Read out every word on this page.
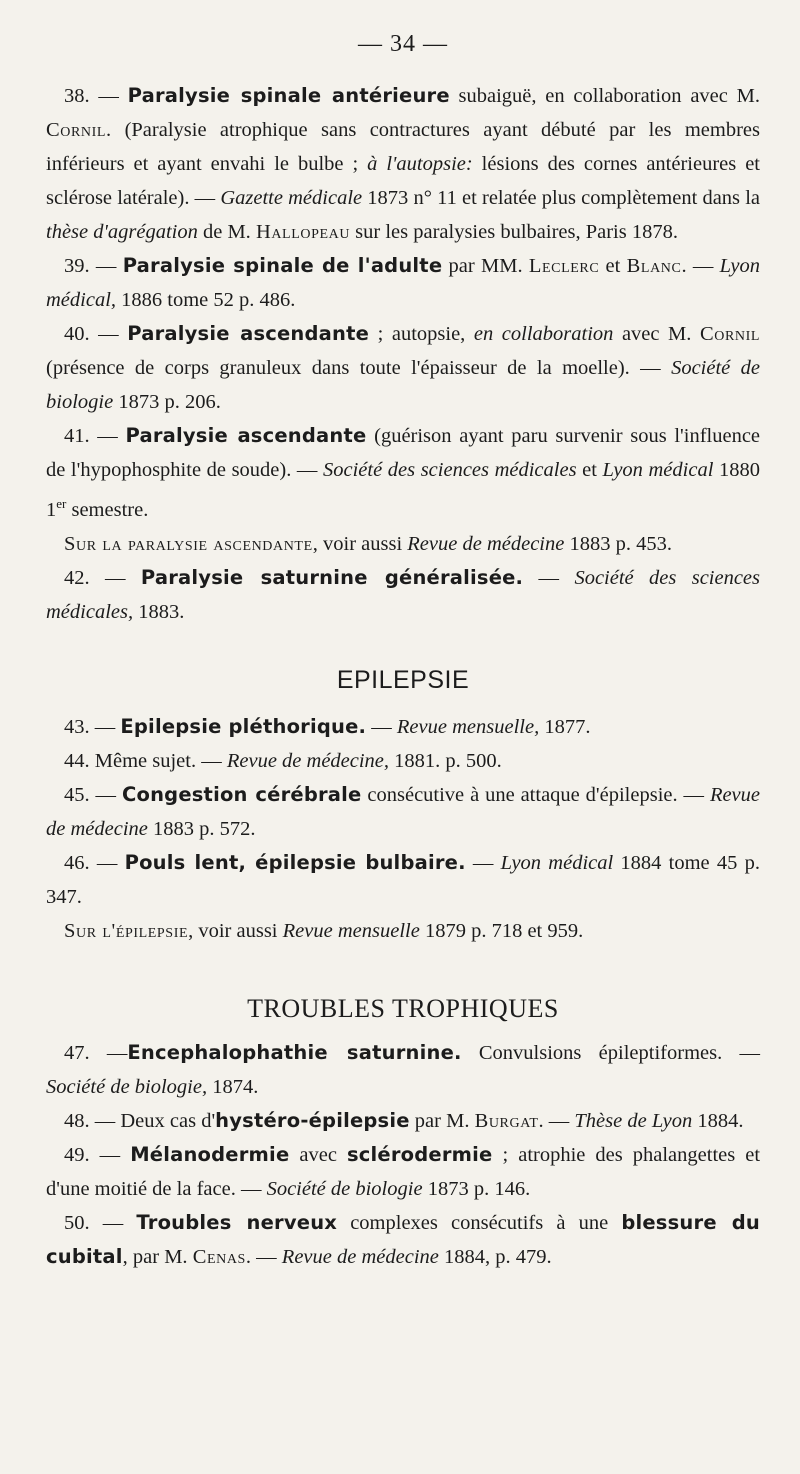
— 34 —

38. — Paralysie spinale antérieure subaiguë, en collaboration avec M. Cornil. (Paralysie atrophique sans contractures ayant débuté par les membres inférieurs et ayant envahi le bulbe ; à l'autopsie: lésions des cornes antérieures et sclérose latérale). — Gazette médicale 1873 n° 11 et relatée plus complètement dans la thèse d'agrégation de M. Hallopeau sur les paralysies bulbaires, Paris 1878.

39. — Paralysie spinale de l'adulte par MM. Leclerc et Blanc. — Lyon médical, 1886 tome 52 p. 486.

40. — Paralysie ascendante ; autopsie, en collaboration avec M. Cornil (présence de corps granuleux dans toute l'épaisseur de la moelle). — Société de biologie 1873 p. 206.

41. — Paralysie ascendante (guérison ayant paru survenir sous l'influence de l'hypophosphite de soude). — Société des sciences médicales et Lyon médical 1880 1er semestre.

Sur la paralysie ascendante, voir aussi Revue de médecine 1883 p. 453.

42. — Paralysie saturnine généralisée. — Société des sciences médicales, 1883.

EPILEPSIE

43. — Epilepsie pléthorique. — Revue mensuelle, 1877.

44. Même sujet. — Revue de médecine, 1881. p. 500.

45. — Congestion cérébrale consécutive à une attaque d'épilepsie. — Revue de médecine 1883 p. 572.

46. — Pouls lent, épilepsie bulbaire. — Lyon médical 1884 tome 45 p. 347.

Sur l'épilepsie, voir aussi Revue mensuelle 1879 p. 718 et 959.

TROUBLES TROPHIQUES

47. —Encephalophathie saturnine. Convulsions épileptiformes. — Société de biologie, 1874.

48. — Deux cas d'hystéro-épilepsie par M. Burgat. — Thèse de Lyon 1884.

49. — Mélanodermie avec sclérodermie ; atrophie des phalangettes et d'une moitié de la face. — Société de biologie 1873 p. 146.

50. — Troubles nerveux complexes consécutifs à une blessure du cubital, par M. Cenas. — Revue de médecine 1884, p. 479.
